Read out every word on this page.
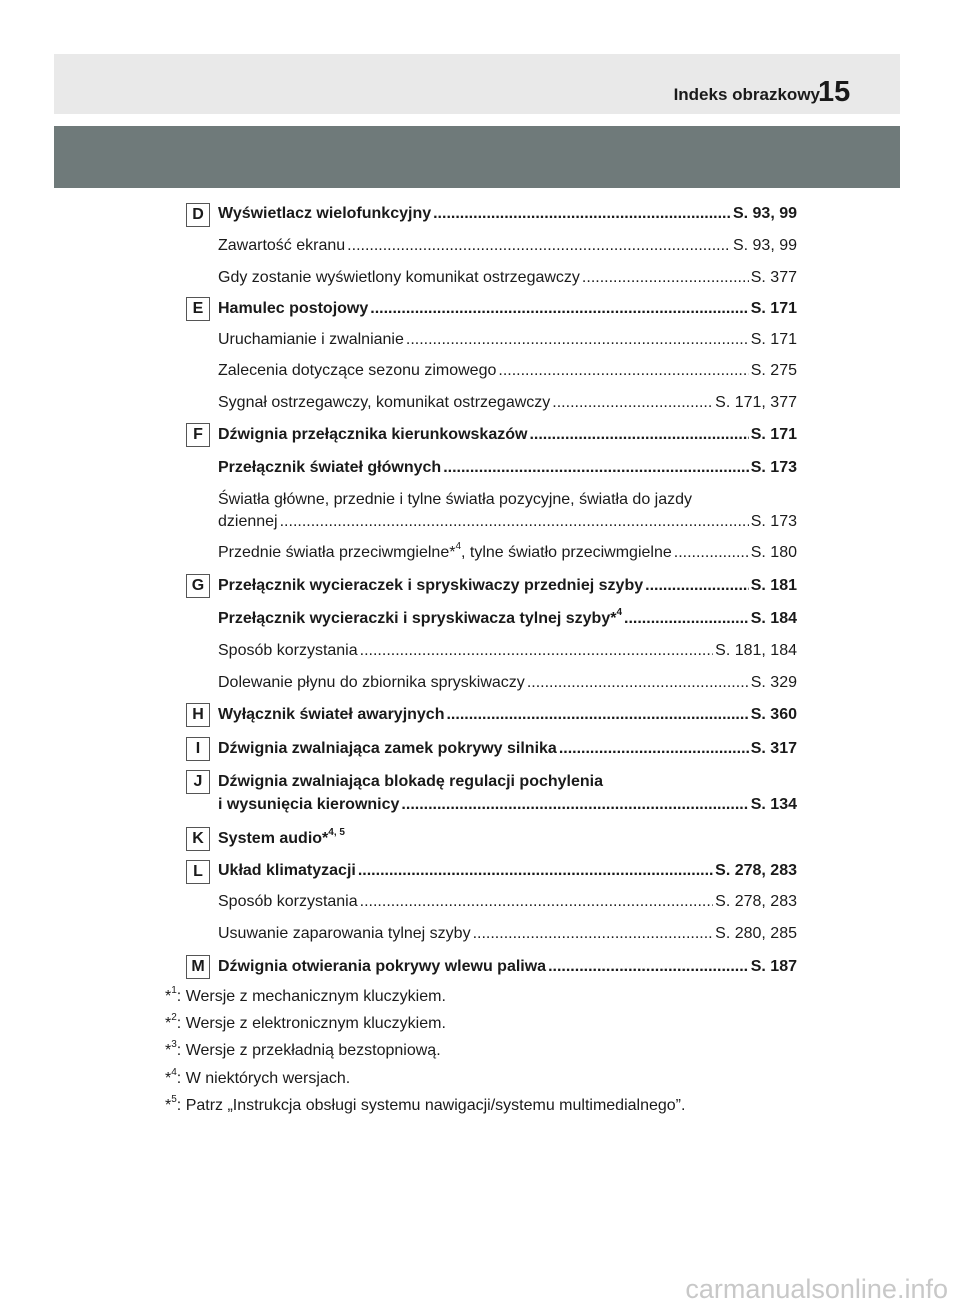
Indeks obrazkowy
15
D Wyświetlacz wielofunkcyjny .....	S. 93, 99
Zawartość ekranu .....	S. 93, 99
Gdy zostanie wyświetlony komunikat ostrzegawczy .....	S. 377
E Hamulec postojowy .....	S. 171
Uruchamianie i zwalnianie .....	S. 171
Zalecenia dotyczące sezonu zimowego .....	S. 275
Sygnał ostrzegawczy, komunikat ostrzegawczy .....	S. 171, 377
F Dźwignia przełącznika kierunkowskazów .....	S. 171
Przełącznik świateł głównych .....	S. 173
Światła główne, przednie i tylne światła pozycyjne, światła do jazdy
dziennej .....	S. 173
Przednie światła przeciwmgielne*$^4$, tylne światło przeciwmgielne .....	S. 180
G Przełącznik wycieraczek i spryskiwaczy przedniej szyby .....	S. 181
Przełącznik wycieraczki i spryskiwacza tylnej szyby*$^4$ .....	S. 184
Sposób korzystania .....	S. 181, 184
Dolewanie płynu do zbiornika spryskiwaczy .....	S. 329
H Wyłącznik świateł awaryjnych .....	S. 360
I	Dźwignia zwalniająca zamek pokrywy silnika .....	S. 317
J Dźwignia zwalniająca blokadę regulacji pochylenia
i wysunięcia kierownicy .....	S. 134
K System audio*$^{4, 5}$
L Układ klimatyzacji .....	S. 278, 283
Sposób korzystania .....	S. 278, 283
Usuwanie zaparowania tylnej szyby .....	S. 280, 285
M Dźwignia otwierania pokrywy wlewu paliwa .....	S. 187
*$^1$: Wersje z mechanicznym kluczykiem.
*$^2$: Wersje z elektronicznym kluczykiem.
*$^3$: Wersje z przekładnią bezstopniową.
*$^4$: W niektórych wersjach.
*$^5$: Patrz „Instrukcja obsługi systemu nawigacji/systemu multimedialnego”.
carmanualsonline.info
